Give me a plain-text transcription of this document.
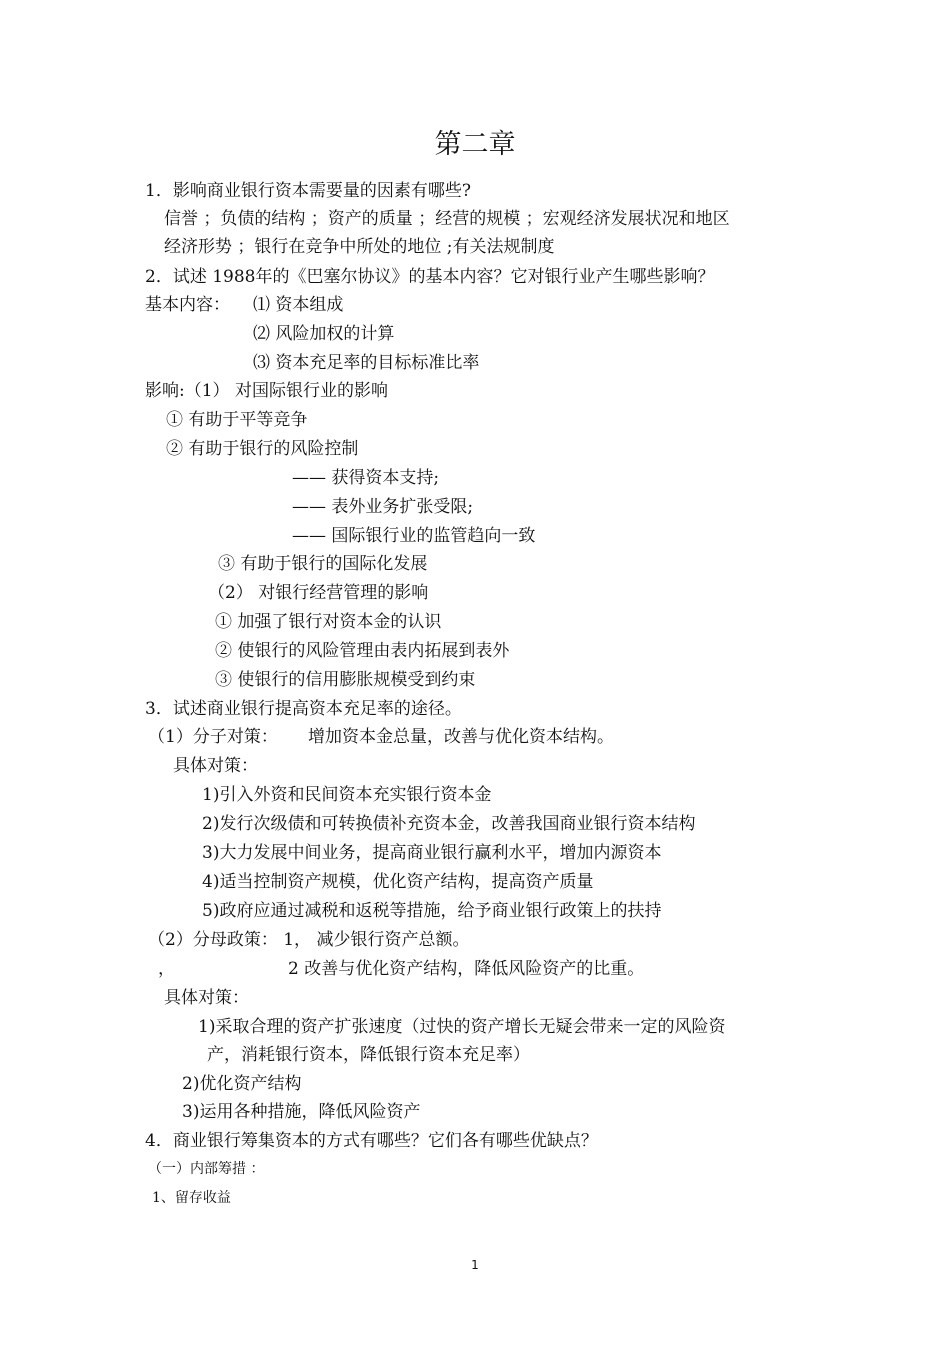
第二章
1．影响商业银行资本需要量的因素有哪些?
信誉 ；负债的结构 ；资产的质量 ；经营的规模 ；宏观经济发展状况和地区
经济形势 ；银行在竞争中所处的地位 ;有关法规制度
2．试述 1988年的《巴塞尔协议》的基本内容？它对银行业产生哪些影响？
基本内容： ⑴ 资本组成
⑵ 风险加权的计算
⑶ 资本充足率的目标标准比率
影响:（1） 对国际银行业的影响
① 有助于平等竞争
② 有助于银行的风险控制
—— 获得资本支持;
—— 表外业务扩张受限;
—— 国际银行业的监管趋向一致
③ 有助于银行的国际化发展
（2） 对银行经营管理的影响
① 加强了银行对资本金的认识
② 使银行的风险管理由表内拓展到表外
③ 使银行的信用膨胀规模受到约束
3．试述商业银行提高资本充足率的途径。
（1）分子对策： 增加资本金总量，改善与优化资本结构。
具体对策：
1)引入外资和民间资本充实银行资本金
2)发行次级债和可转换债补充资本金，改善我国商业银行资本结构
3)大力发展中间业务，提高商业银行赢利水平，增加内源资本
4)适当控制资产规模，优化资产结构，提高资产质量
5)政府应通过减税和返税等措施，给予商业银行政策上的扶持
（2）分母政策： 1， 减少银行资产总额。
，	2 改善与优化资产结构，降低风险资产的比重。
具体对策：
1)采取合理的资产扩张速度（过快的资产增长无疑会带来一定的风险资
产，消耗银行资本，降低银行资本充足率）
2)优化资产结构
3)运用各种措施，降低风险资产
4．商业银行筹集资本的方式有哪些？它们各有哪些优缺点？
（一）内部筹措 ：
1、留存收益
1
